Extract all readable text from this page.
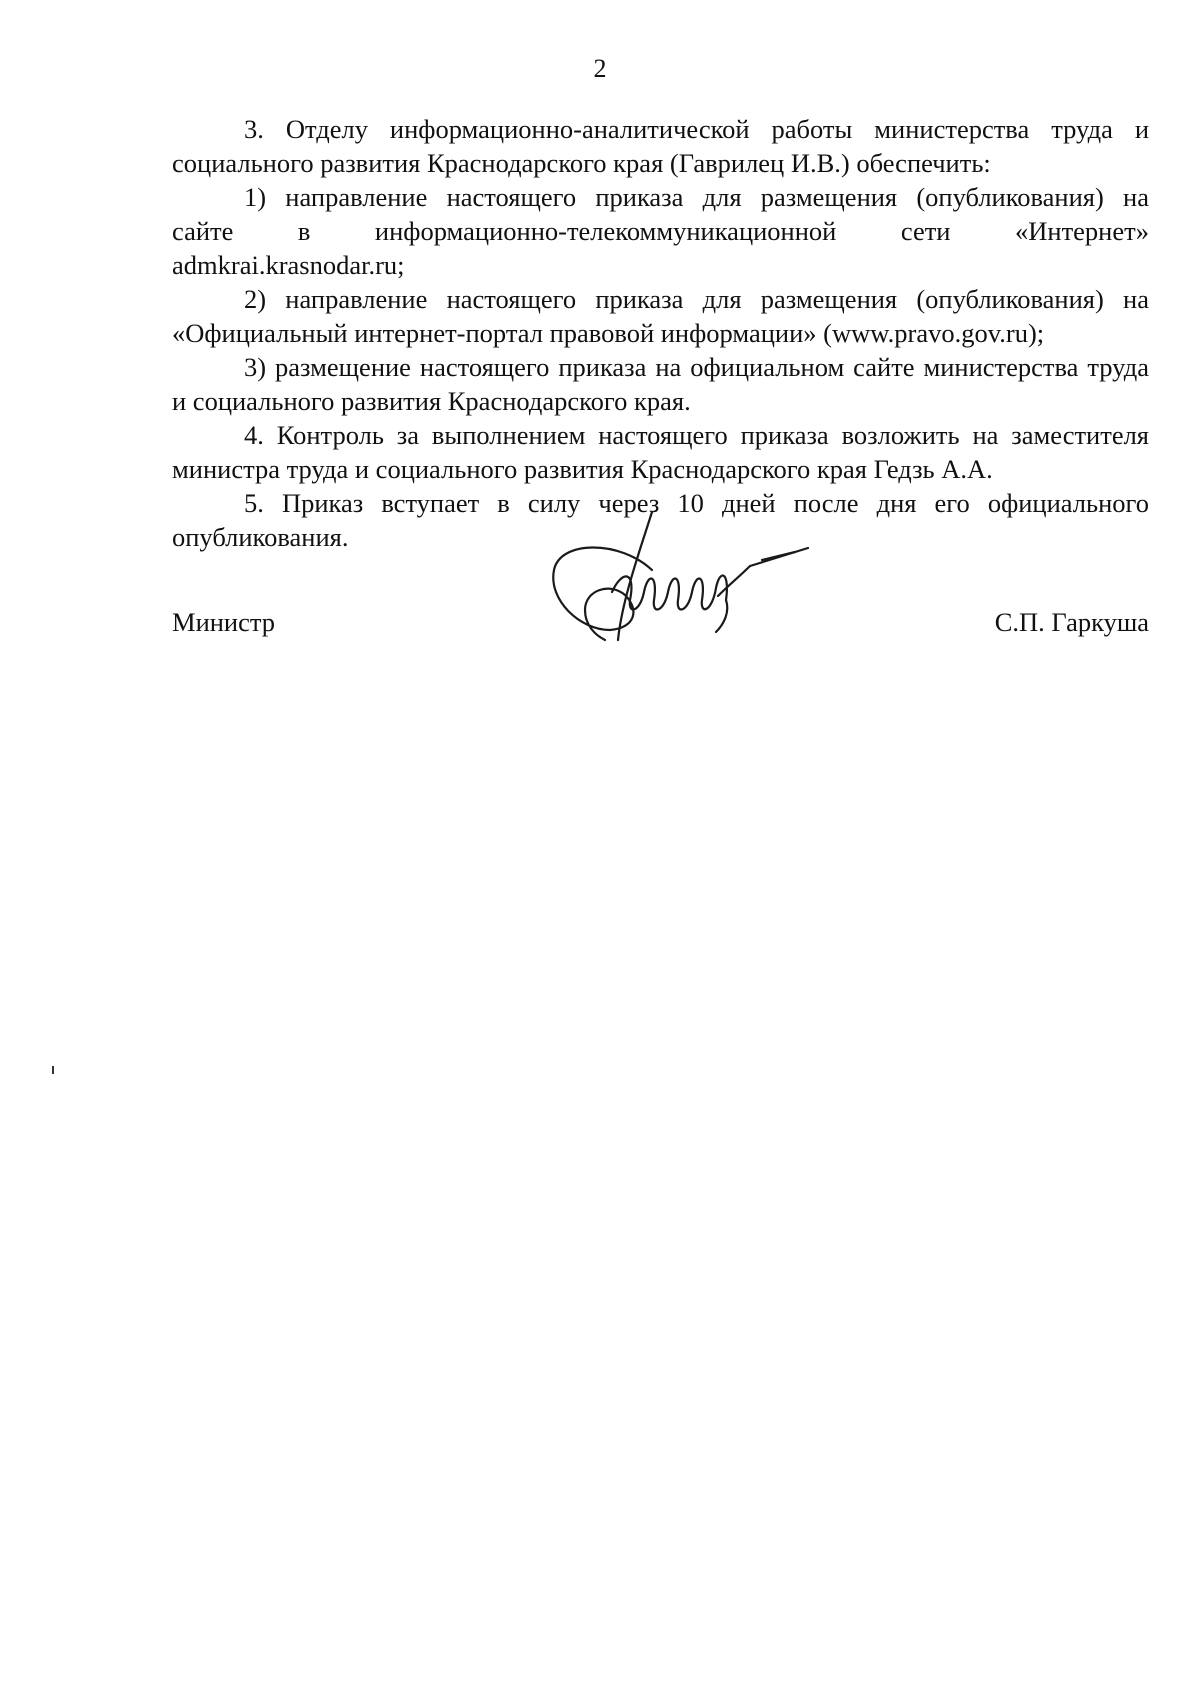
2

3. Отделу информационно-аналитической работы министерства труда и социального развития Краснодарского края (Гаврилец И.В.) обеспечить:

1) направление настоящего приказа для размещения (опубликования) на

сайте в информационно-телекоммуникационной сети «Интернет»
admkrai.krasnodar.ru;

2) направление настоящего приказа для размещения (опубликования) на «Официальный интернет-портал правовой информации» (www.pravo.gov.ru);

3) размещение настоящего приказа на официальном сайте министерства труда и социального развития Краснодарского края.

4. Контроль за выполнением настоящего приказа возложить на заместителя министра труда и социального развития Краснодарского края Гедзь А.А.

5. Приказ вступает в силу через 10 дней после дня его официального опубликования.

Министр	С.П. Гаркуша
